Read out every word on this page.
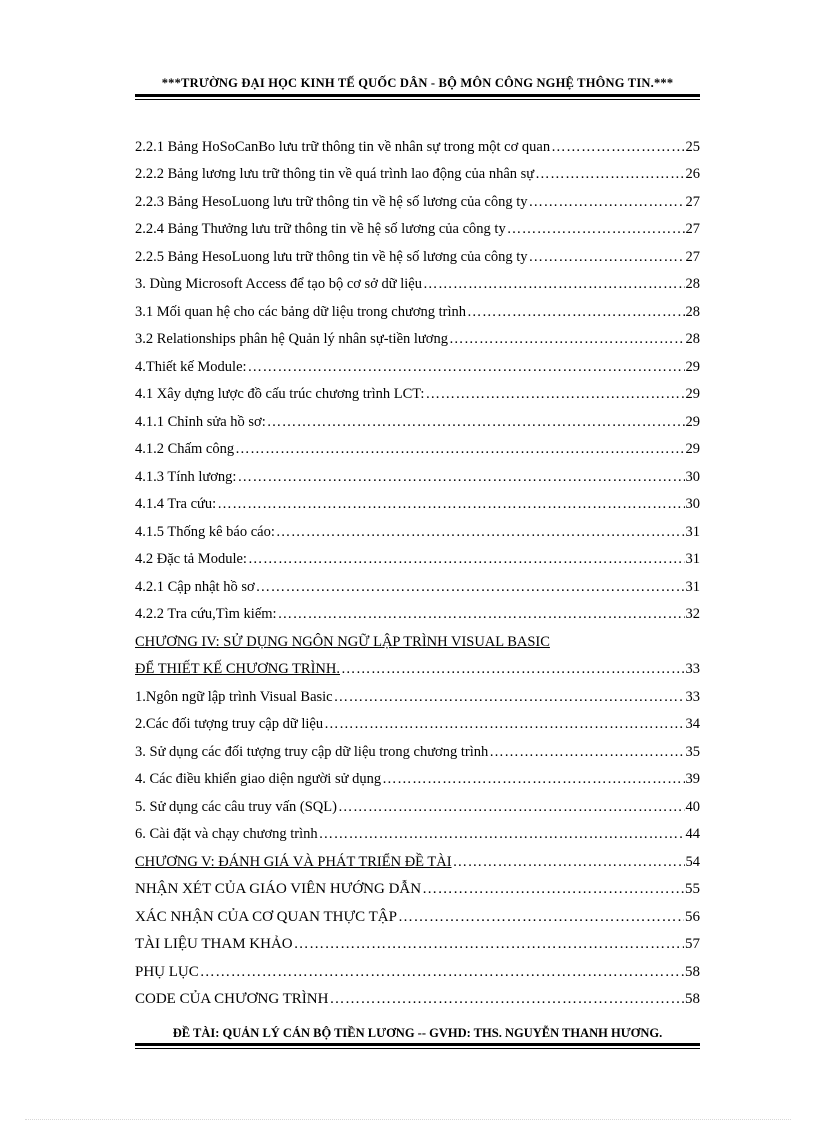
***TRƯỜNG ĐẠI HỌC KINH TẾ QUỐC DÂN - BỘ MÔN CÔNG NGHỆ THÔNG TIN.***
2.2.1 Bảng HoSoCanBo lưu trữ thông tin về nhân sự trong một cơ quan ………………………………………………………………………………………………………………………………………………………	25
2.2.2 Bảng lương lưu trữ thông tin về quá trình lao động của nhân sự ………………………………………………………………………………………………………………………………………………………	26
2.2.3 Bảng HesoLuong lưu trữ thông tin về hệ số lương của công ty ………………………………………………………………………………………………………………………………………………………	27
2.2.4 Bảng Thưởng lưu trữ thông tin về hệ số lương của công ty ………………………………………………………………………………………………………………………………………………………	27
2.2.5 Bảng HesoLuong lưu trữ thông tin về hệ số lương của công ty ………………………………………………………………………………………………………………………………………………………	27
3. Dùng Microsoft Access để tạo bộ cơ sở dữ liệu ………………………………………………………………………………………………………………………………………………………	28
3.1 Mối quan hệ cho các bảng dữ liệu trong chương trình ………………………………………………………………………………………………………………………………………………………	28
3.2 Relationships phân hệ Quản lý nhân sự-tiền lương ………………………………………………………………………………………………………………………………………………………	28
4.Thiết kế Module: ………………………………………………………………………………………………………………………………………………………	29
4.1 Xây dựng lược đồ cấu trúc chương trình LCT: ………………………………………………………………………………………………………………………………………………………	29
4.1.1 Chỉnh sửa hồ sơ: ………………………………………………………………………………………………………………………………………………………	29
4.1.2 Chấm công ………………………………………………………………………………………………………………………………………………………	29
4.1.3 Tính lương: ………………………………………………………………………………………………………………………………………………………	30
4.1.4 Tra cứu: ………………………………………………………………………………………………………………………………………………………	30
4.1.5 Thống kê báo cáo: ………………………………………………………………………………………………………………………………………………………	31
4.2 Đặc tả Module: ………………………………………………………………………………………………………………………………………………………	31
4.2.1 Cập nhật hồ sơ ………………………………………………………………………………………………………………………………………………………	31
4.2.2 Tra cứu,Tìm kiếm: ………………………………………………………………………………………………………………………………………………………	32
CHƯƠNG IV: SỬ DỤNG NGÔN NGỮ LẬP TRÌNH VISUAL BASIC
ĐỂ THIẾT KẾ CHƯƠNG TRÌNH. ………………………………………………………………………………………………………………………………………………………	33
1.Ngôn ngữ lập trình Visual Basic ………………………………………………………………………………………………………………………………………………………	33
2.Các đối tượng truy cập dữ liệu ………………………………………………………………………………………………………………………………………………………	34
3. Sử dụng các đối tượng truy cập dữ liệu trong chương trình ………………………………………………………………………………………………………………………………………………………	35
4. Các điều khiển giao diện người sử dụng ………………………………………………………………………………………………………………………………………………………	39
5. Sử dụng các câu truy vấn (SQL) ………………………………………………………………………………………………………………………………………………………	40
6. Cài đặt và chạy chương trình ………………………………………………………………………………………………………………………………………………………	44
CHƯƠNG V: ĐÁNH GIÁ VÀ PHÁT TRIỂN ĐỀ TÀI ………………………………………………………………………………………………………………………………………………………	54
NHẬN XÉT CỦA GIÁO VIÊN HƯỚNG DẪN ………………………………………………………………………………………………………………………………………………………	55
XÁC NHẬN CỦA CƠ QUAN THỰC TẬP ………………………………………………………………………………………………………………………………………………………	56
TÀI LIỆU THAM KHẢO ………………………………………………………………………………………………………………………………………………………	57
PHỤ LỤC ………………………………………………………………………………………………………………………………………………………	58
CODE CỦA CHƯƠNG TRÌNH ………………………………………………………………………………………………………………………………………………………	58
ĐỀ TÀI: QUẢN LÝ CÁN BỘ TIỀN LƯƠNG -- GVHD: THS. NGUYỄN THANH HƯƠNG.
